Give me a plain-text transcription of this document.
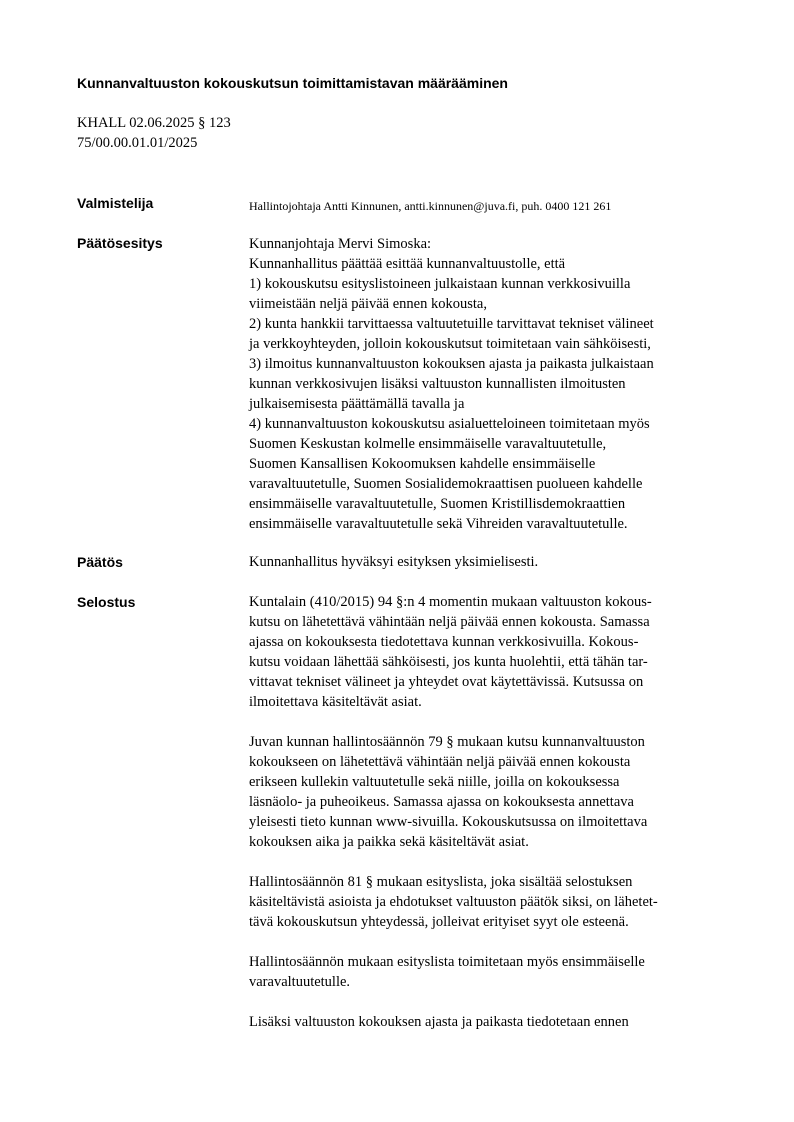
Kunnanvaltuuston kokouskutsun toimittamistavan määrääminen
KHALL 02.06.2025 § 123
75/00.00.01.01/2025
Valmistelija	Hallintojohtaja Antti Kinnunen, antti.kinnunen@juva.fi, puh. 0400 121 261
Päätösesitys	Kunnanjohtaja Mervi Simoska:
Kunnanhallitus päättää esittää kunnanvaltuustolle, että
1) kokouskutsu esityslistoineen julkaistaan kunnan verkkosivuilla
viimeistään neljä päivää ennen kokousta,
2) kunta hankkii tarvittaessa valtuutetuille tarvittavat tekniset välineet
ja verkkoyhteyden, jolloin kokouskutsut toimitetaan vain sähköisesti,
3) ilmoitus kunnanvaltuuston kokouksen ajasta ja paikasta julkaistaan
kunnan verkkosivujen lisäksi valtuuston kunnallisten ilmoitusten
julkaisemisesta päättämällä tavalla ja
4) kunnanvaltuuston kokouskutsu asialuetteloineen toimitetaan myös
Suomen Keskustan kolmelle ensimmäiselle varavaltuutetulle,
Suomen Kansallisen Kokoomuksen kahdelle ensimmäiselle
varavaltuutetulle, Suomen Sosialidemokraattisen puolueen kahdelle
ensimmäiselle varavaltuutetulle, Suomen Kristillisdemokraattien
ensimmäiselle varavaltuutetulle sekä Vihreiden varavaltuutetulle.
Päätös	Kunnanhallitus hyväksyi esityksen yksimielisesti.
Selostus	Kuntalain (410/2015) 94 §:n 4 momentin mukaan valtuuston kokous-
kutsu on lähetettävä vähintään neljä päivää ennen kokousta. Samassa
ajassa on kokouksesta tiedotettava kunnan verkkosivuilla. Kokous-
kutsu voidaan lähettää sähköisesti, jos kunta huolehtii, että tähän tar-
vittavat tekniset välineet ja yhteydet ovat käytettävissä. Kutsussa on
ilmoitettava käsiteltävät asiat.
Juvan kunnan hallintosäännön 79 § mukaan kutsu kunnanvaltuuston
kokoukseen on lähetettävä vähintään neljä päivää ennen kokousta
erikseen kullekin valtuutetulle sekä niille, joilla on kokouksessa
läsnäolo- ja puheoikeus. Samassa ajassa on kokouksesta annettava
yleisesti tieto kunnan www-sivuilla. Kokouskutsussa on ilmoitettava
kokouksen aika ja paikka sekä käsiteltävät asiat.
Hallintosäännön 81 § mukaan esityslista, joka sisältää selostuksen
käsiteltävistä asioista ja ehdotukset valtuuston päätök siksi, on lähetet-
tävä kokouskutsun yhteydessä, jolleivat erityiset syyt ole esteenä.
Hallintosäännön mukaan esityslista toimitetaan myös ensimmäiselle
varavaltuutetulle.
Lisäksi valtuuston kokouksen ajasta ja paikasta tiedotetaan ennen
